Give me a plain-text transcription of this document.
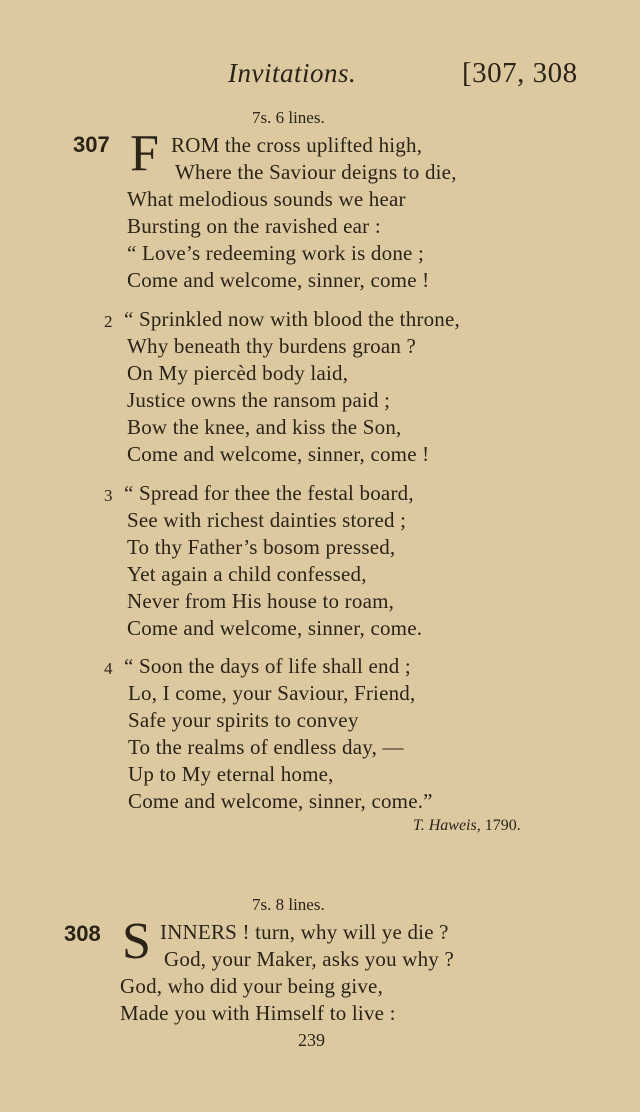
Invitations.	[307, 308
7s. 6 lines.
307 F ROM the cross uplifted high,
Where the Saviour deigns to die,
What melodious sounds we hear
Bursting on the ravished ear :
“ Love’s redeeming work is done ;
Come and welcome, sinner, come !
2 “ Sprinkled now with blood the throne,
Why beneath thy burdens groan ?
On My piercèd body laid,
Justice owns the ransom paid ;
Bow the knee, and kiss the Son,
Come and welcome, sinner, come !
3 “ Spread for thee the festal board,
See with richest dainties stored ;
To thy Father’s bosom pressed,
Yet again a child confessed,
Never from His house to roam,
Come and welcome, sinner, come.
4 “ Soon the days of life shall end ;
Lo, I come, your Saviour, Friend,
Safe your spirits to convey
To the realms of endless day, —
Up to My eternal home,
Come and welcome, sinner, come.”
T. Haweis, 1790.
7s. 8 lines.
308 S INNERS ! turn, why will ye die ?
God, your Maker, asks you why ?
God, who did your being give,
Made you with Himself to live :
239
